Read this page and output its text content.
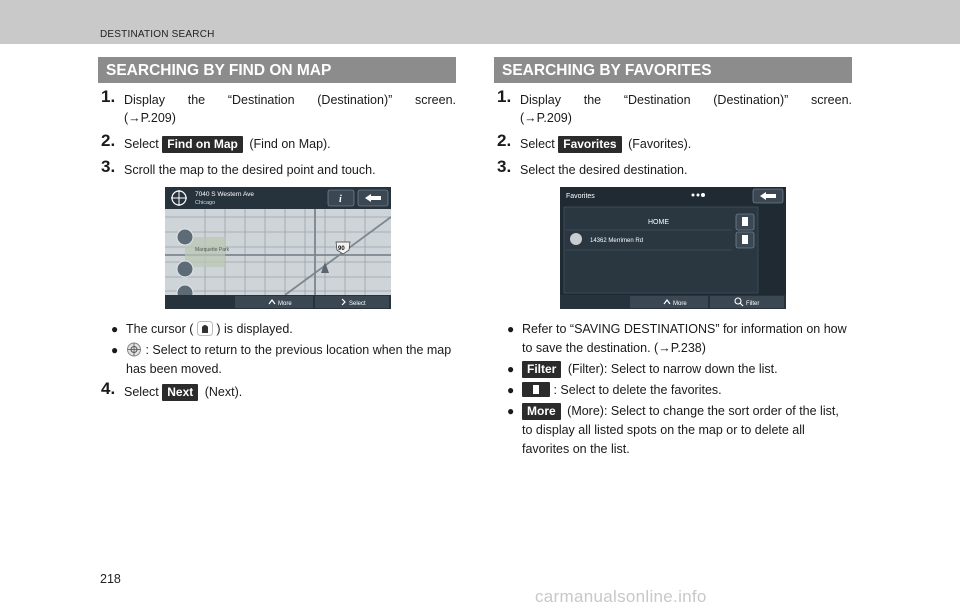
DESTINATION SEARCH
SEARCHING BY FIND ON MAP
1. Display the “Destination (Destination)” screen.
(→P.209)
2. Select Find on Map (Find on Map).
3. Scroll the map to the desired point and touch.
Marquette Park
7040 S Western Ave
Chicago	i
90
More	Select
● The cursor ( ) is displayed.
● : Select to return to the previous location when the map has been moved.
4. Select Next (Next).
SEARCHING BY FAVORITES
1. Display the “Destination (Destination)” screen.
(→P.209)
2. Select Favorites (Favorites).
3. Select the desired destination.
Favorites
HOME
14362 Merrimen Rd
More	Filter
● Refer to “SAVING DESTINATIONS” for information on how to save the destination. (→P.238)
● Filter (Filter): Select to narrow down the list.
●	: Select to delete the favorites.
● More (More): Select to change the sort order of the list, to display all listed spots on the map or to delete all favorites on the list.
218
carmanualsonline.info
